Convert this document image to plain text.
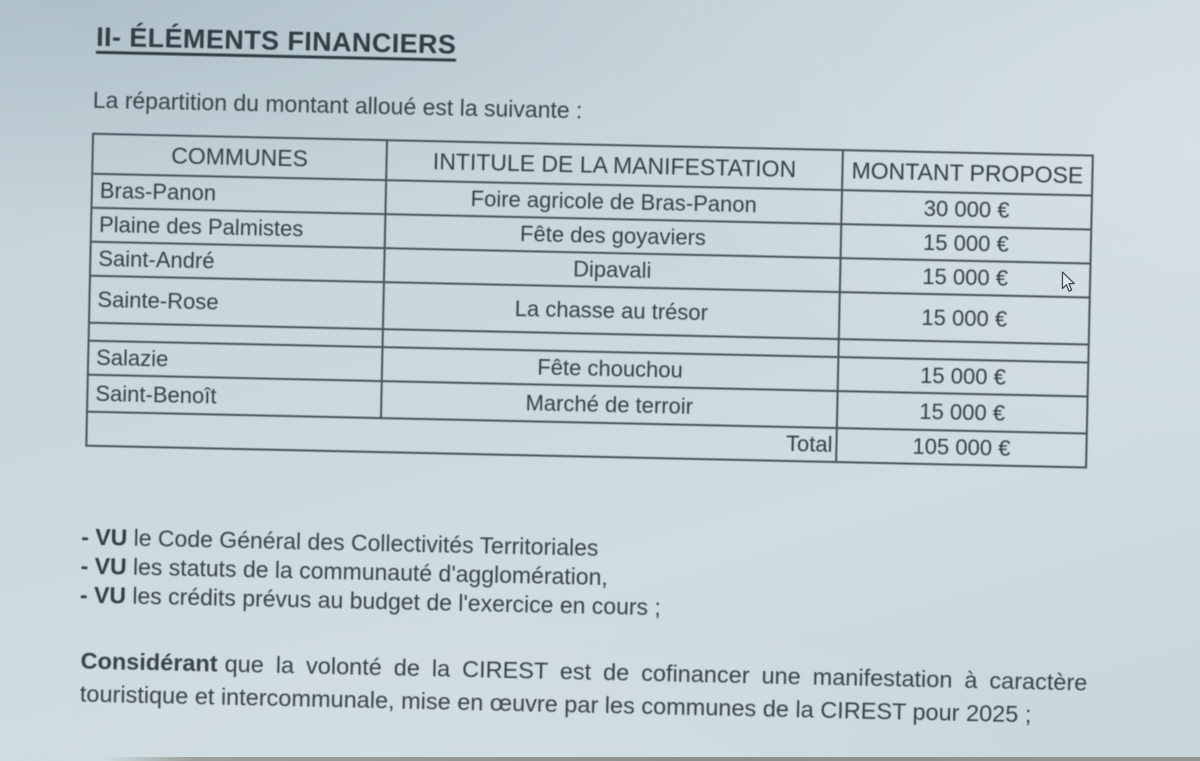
II- ÉLÉMENTS FINANCIERS

La répartition du montant alloué est la suivante :

COMMUNES	INTITULE DE LA MANIFESTATION	MONTANT PROPOSE
Bras-Panon	Foire agricole de Bras-Panon	30 000 €
Plaine des Palmistes	Fête des goyaviers	15 000 €
Saint-André	Dipavali	15 000 €
Sainte-Rose	La chasse au trésor	15 000 €

Salazie	Fête chouchou	15 000 €
Saint-Benoît	Marché de terroir	15 000 €
Total		105 000 €

- VU le Code Général des Collectivités Territoriales

- VU les statuts de la communauté d'agglomération,

- VU les crédits prévus au budget de l'exercice en cours ;

Considérant que la volonté de la CIREST est de cofinancer une manifestation à caractère touristique et intercommunale, mise en œuvre par les communes de la CIREST pour 2025 ;
